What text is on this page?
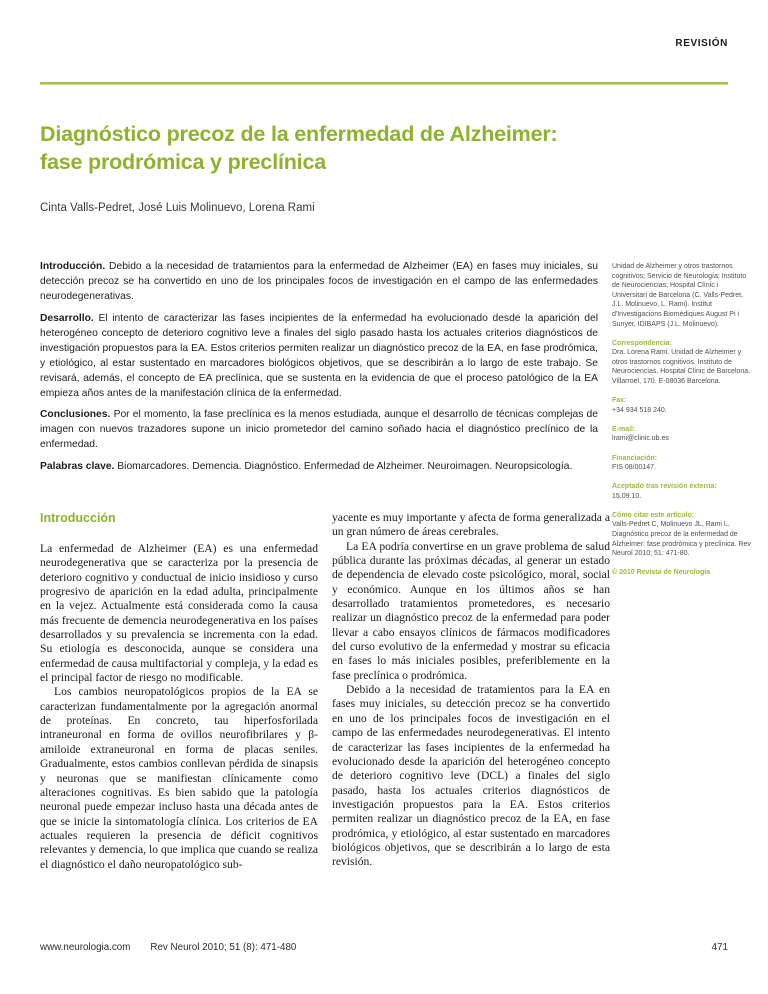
REVISIÓN
Diagnóstico precoz de la enfermedad de Alzheimer:
fase prodrómica y preclínica
Cinta Valls-Pedret, José Luis Molinuevo, Lorena Rami

Introducción. Debido a la necesidad de tratamientos para la enfermedad de Alzheimer (EA) en fases muy iniciales, su detección precoz se ha convertido en uno de los principales focos de investigación en el campo de las enfermedades neurodegenerativas.

Desarrollo. El intento de caracterizar las fases incipientes de la enfermedad ha evolucionado desde la aparición del heterogéneo concepto de deterioro cognitivo leve a finales del siglo pasado hasta los actuales criterios diagnósticos de investigación propuestos para la EA. Estos criterios permiten realizar un diagnóstico precoz de la EA, en fase prodrómica, y etiológico, al estar sustentado en marcadores biológicos objetivos, que se describirán a lo largo de este trabajo. Se revisará, además, el concepto de EA preclínica, que se sustenta en la evidencia de que el proceso patológico de la EA empieza años antes de la manifestación clínica de la enfermedad.

Conclusiones. Por el momento, la fase preclínica es la menos estudiada, aunque el desarrollo de técnicas complejas de imagen con nuevos trazadores supone un inicio prometedor del camino soñado hacia el diagnóstico preclínico de la enfermedad.

Palabras clave. Biomarcadores. Demencia. Diagnóstico. Enfermedad de Alzheimer. Neuroimagen. Neuropsicología.

Introducción

La enfermedad de Alzheimer (EA) es una enfermedad neurodegenerativa que se caracteriza por la presencia de deterioro cognitivo y conductual de inicio insidioso y curso progresivo de aparición en la edad adulta, principalmente en la vejez. Actualmente está considerada como la causa más frecuente de demencia neurodegenerativa en los países desarrollados y su prevalencia se incrementa con la edad. Su etiología es desconocida, aunque se considera una enfermedad de causa multifactorial y compleja, y la edad es el principal factor de riesgo no modificable.

Los cambios neuropatológicos propios de la EA se caracterizan fundamentalmente por la agregación anormal de proteínas. En concreto, tau hiperfosforilada intraneuronal en forma de ovillos neurofibrilares y β-amiloide extraneuronal en forma de placas seniles. Gradualmente, estos cambios conllevan pérdida de sinapsis y neuronas que se manifiestan clínicamente como alteraciones cognitivas. Es bien sabido que la patología neuronal puede empezar incluso hasta una década antes de que se inicie la sintomatología clínica. Los criterios de EA actuales requieren la presencia de déficit cognitivos relevantes y demencia, lo que implica que cuando se realiza el diagnóstico el daño neuropatológico sub-

yacente es muy importante y afecta de forma generalizada a un gran número de áreas cerebrales.

La EA podría convertirse en un grave problema de salud pública durante las próximas décadas, al generar un estado de dependencia de elevado coste psicológico, moral, social y económico. Aunque en los últimos años se han desarrollado tratamientos prometedores, es necesario realizar un diagnóstico precoz de la enfermedad para poder llevar a cabo ensayos clínicos de fármacos modificadores del curso evolutivo de la enfermedad y mostrar su eficacia en fases lo más iniciales posibles, preferiblemente en la fase preclínica o prodrómica.

Debido a la necesidad de tratamientos para la EA en fases muy iniciales, su detección precoz se ha convertido en uno de los principales focos de investigación en el campo de las enfermedades neurodegenerativas. El intento de caracterizar las fases incipientes de la enfermedad ha evolucionado desde la aparición del heterogéneo concepto de deterioro cognitivo leve (DCL) a finales del siglo pasado, hasta los actuales criterios diagnósticos de investigación propuestos para la EA. Estos criterios permiten realizar un diagnóstico precoz de la EA, en fase prodrómica, y etiológico, al estar sustentado en marcadores biológicos objetivos, que se describirán a lo largo de esta revisión.

Unidad de Alzheimer y otros trastornos cognitivos; Servicio de Neurología; Instituto de Neurociencias; Hospital Clínic i Universitari de Barcelona (C. Valls-Pedret, J.L. Molinuevo, L. Rami). Institut d'Investigacions Biomèdiques August Pi i Sunyer, IDIBAPS (J.L. Molinuevo).
Correspondencia:
Dra. Lorena Rami. Unidad de Alzheimer y otros trastornos cognitivos. Instituto de Neurociencias. Hospital Clínic de Barcelona. Villarroel, 170. E-08036 Barcelona.
Fax:
+34 934 518 240.
E-mail:
lrami@clinic.ub.es
Financiación:
FIS 08/00147.
Aceptado tras revisión externa:
15.09.10.
Cómo citar este artículo:
Valls-Pedret C, Molinuevo JL, Rami L. Diagnóstico precoz de la enfermedad de Alzheimer: fase prodrómica y preclínica. Rev Neurol 2010; 51: 471-80.
© 2010 Revista de Neurología
www.neurologia.com Rev Neurol 2010; 51 (8): 471-480	471
